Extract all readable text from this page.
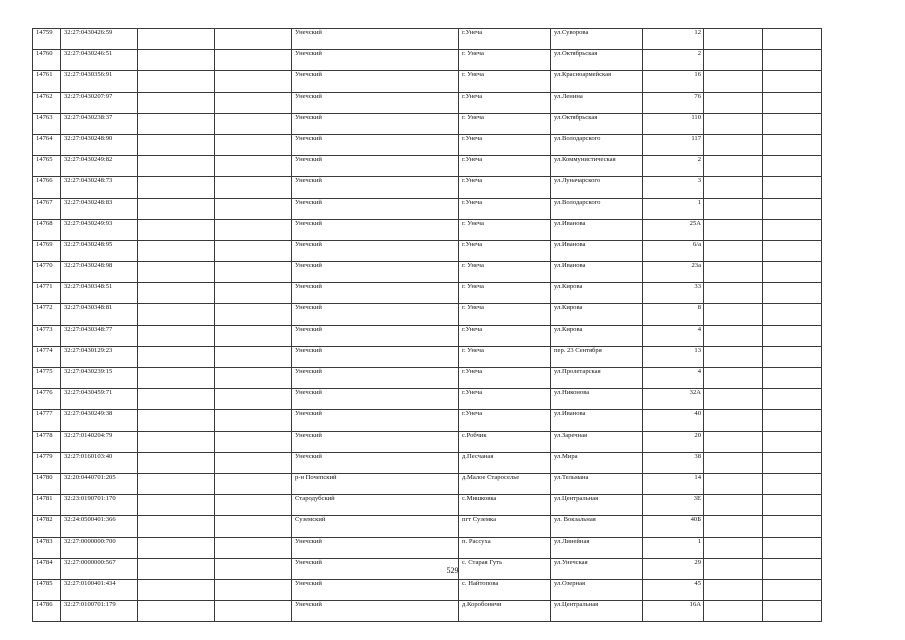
14759	32:27:0430426:59			Унечский	г.Унеча	ул.Суворова	12		
14760	32:27:0430246:51			Унечский	г. Унеча	ул.Октябрьская	2		
14761	32:27:0430356:91			Унечский	г. Унеча	ул.Красноармейская	16		
14762	32:27:0430207:97			Унечский	г.Унеча	ул.Ленина	76		
14763	32:27:0430238:37			Унечский	г. Унеча	ул.Октябрьская	110		
14764	32:27:0430248:90			Унечский	г.Унеча	ул.Володарского	117		
14765	32:27:0430249:82			Унечский	г.Унеча	ул.Коммунистическая	2		
14766	32:27:0430248:73			Унечский	г.Унеча	ул.Луначарского	3		
14767	32:27:0430248:83			Унечский	г.Унеча	ул.Володарского	1		
14768	32:27:0430249:93			Унечский	г. Унеча	ул.Иванова	25А		
14769	32:27:0430248:95			Унечский	г.Унеча	ул.Иванова	6/а		
14770	32:27:0430248:98			Унечский	г. Унеча	ул.Иванова	23а		
14771	32:27:0430348:51			Унечский	г. Унеча	ул.Кирова	33		
14772	32:27:0430348:81			Унечский	г. Унеча	ул.Кирова	8		
14773	32:27:0430348:77			Унечский	г.Унеча	ул.Кирова	4		
14774	32:27:0430129:23			Унечский	г. Унеча	пер. 23 Сентября	13		
14775	32:27:0430239:15			Унечский	г.Унеча	ул.Пролетарская	4		
14776	32:27:0430459:71			Унечский	г.Унеча	ул.Никонова	32А		
14777	32:27:0430249:38			Унечский	г.Унеча	ул.Иванова	40		
14778	32:27:0140204:79			Унечский	с.Робчик	ул.Заречная	20		
14779	32:27:0160103:40			Унечский	д.Песчаная	ул.Мира	38		
14780	32:20:0440701:205			р-н Почепский	д.Малое Староселье	ул.Тельмана	14		
14781	32:23:0190701:170			Стародубский	с.Мишковка	ул.Центральная	3Е		
14782	32:24:0500401:366			Суземский	пгт Суземка	ул. Вокзальная	40Б		
14783	32:27:0000000:700			Унечский	п. Рассуха	ул.Линейная	1		
14784	32:27:0000000:567			Унечский	с. Старая Гуть	ул.Унечская	29		
14785	32:27:0100401:434			Унечский	с. Найтопова	ул.Озерная	45		
14786	32:27:0100701:179			Унечский	д.Коробоничи	ул.Центральная	16А		
529
